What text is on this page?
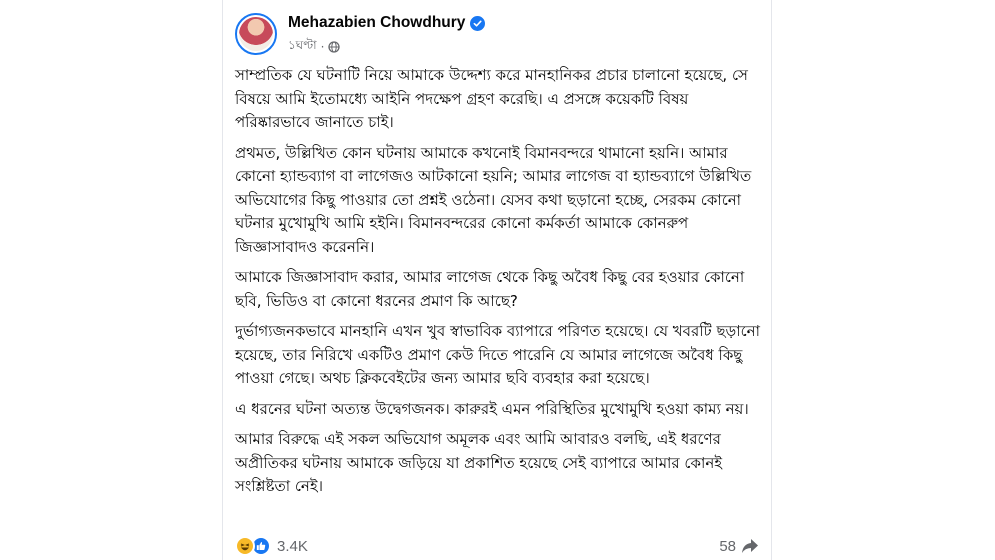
Mehazabien Chowdhury
১ঘণ্টা ·

সাম্প্রতিক যে ঘটনাটি নিয়ে আমাকে উদ্দেশ্য করে মানহানিকর প্রচার চালানো হয়েছে, সে বিষয়ে আমি ইতোমধ্যে আইনি পদক্ষেপ গ্রহণ করেছি। এ প্রসঙ্গে কয়েকটি বিষয় পরিষ্কারভাবে জানাতে চাই।

প্রথমত, উল্লিখিত কোন ঘটনায় আমাকে কখনোই বিমানবন্দরে থামানো হয়নি। আমার কোনো হ্যান্ডব্যাগ বা লাগেজও আটকানো হয়নি; আমার লাগেজ বা হ্যান্ডব্যাগে উল্লিখিত অভিযোগের কিছু পাওয়ার তো প্রশ্নই ওঠেনা। যেসব কথা ছড়ানো হচ্ছে, সেরকম কোনো ঘটনার মুখোমুখি আমি হইনি। বিমানবন্দরের কোনো কর্মকর্তা আমাকে কোনরুপ জিজ্ঞাসাবাদও করেননি।

আমাকে জিজ্ঞাসাবাদ করার, আমার লাগেজ থেকে কিছু অবৈধ কিছু বের হওয়ার কোনো ছবি, ভিডিও বা কোনো ধরনের প্রমাণ কি আছে?

দুর্ভাগ্যজনকভাবে মানহানি এখন খুব স্বাভাবিক ব্যাপারে পরিণত হয়েছে। যে খবরটি ছড়ানো হয়েছে, তার নিরিখে একটিও প্রমাণ কেউ দিতে পারেনি যে আমার লাগেজে অবৈধ কিছু পাওয়া গেছে। অথচ ক্লিকবেইটের জন্য আমার ছবি ব্যবহার করা হয়েছে।

এ ধরনের ঘটনা অত্যন্ত উদ্বেগজনক। কারুরই এমন পরিস্থিতির মুখোমুখি হওয়া কাম্য নয়।

আমার বিরুদ্ধে এই সকল অভিযোগ অমূলক এবং আমি আবারও বলছি, এই ধরণের অপ্রীতিকর ঘটনায় আমাকে জড়িয়ে যা প্রকাশিত হয়েছে সেই ব্যাপারে আমার কোনই সংশ্লিষ্টতা নেই।

3.4K	58
